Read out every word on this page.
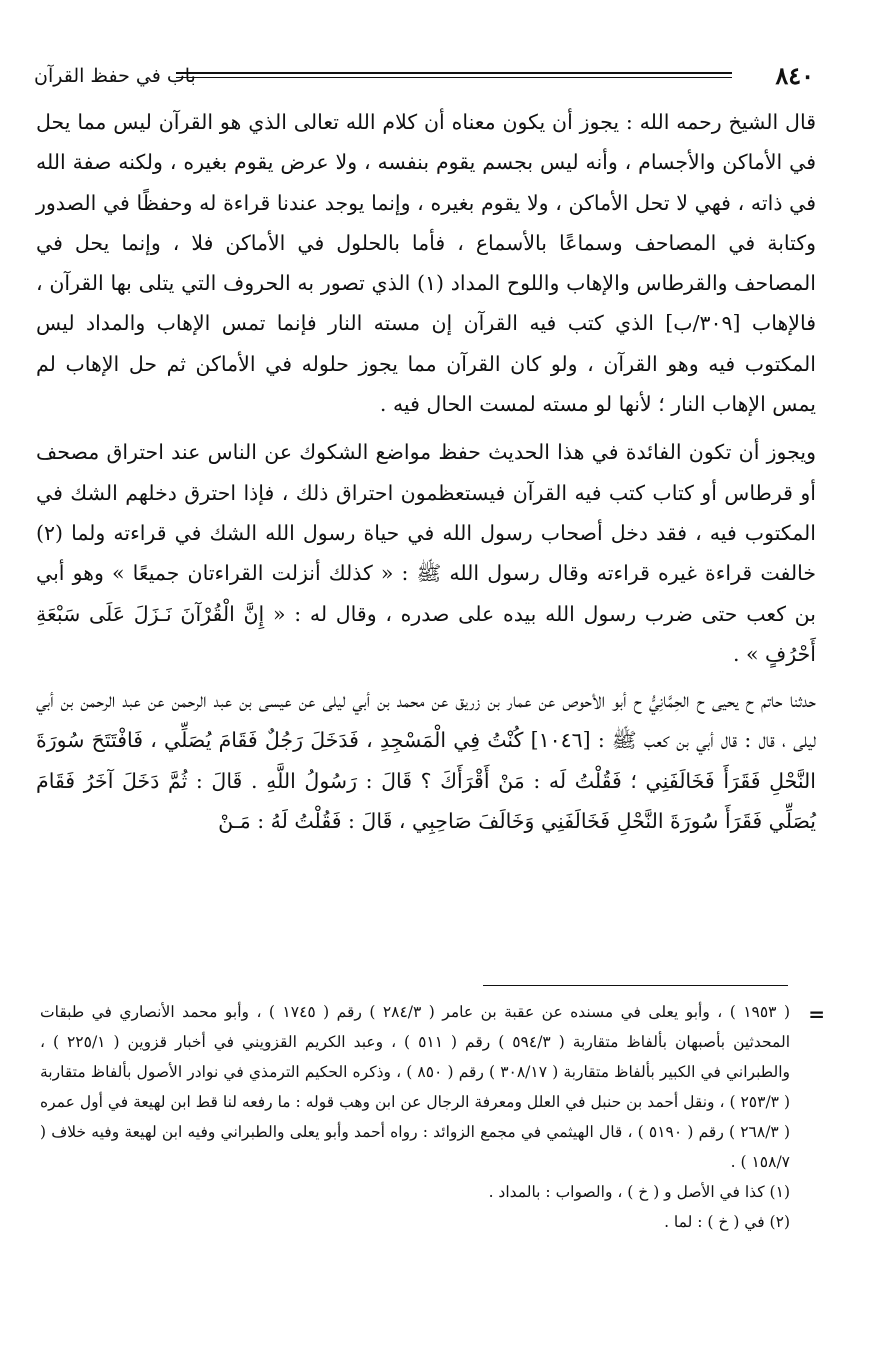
٨٤٠
باب في حفظ القرآن

قال الشيخ رحمه الله : يجوز أن يكون معناه أن كلام الله تعالى الذي هو القرآن ليس مما يحل في الأماكن والأجسام ، وأنه ليس بجسم يقوم بنفسه ، ولا عرض يقوم بغيره ، ولكنه صفة الله في ذاته ، فهي لا تحل الأماكن ، ولا يقوم بغيره ، وإنما يوجد عندنا قراءة له وحفظًا في الصدور وكتابة في المصاحف وسماعًا بالأسماع ، فأما بالحلول في الأماكن فلا ، وإنما يحل في المصاحف والقرطاس والإهاب واللوح المداد (١) الذي تصور به الحروف التي يتلى بها القرآن ، فالإهاب [٣٠٩/ب] الذي كتب فيه القرآن إن مسته النار فإنما تمس الإهاب والمداد ليس المكتوب فيه وهو القرآن ، ولو كان القرآن مما يجوز حلوله في الأماكن ثم حل الإهاب لم يمس الإهاب النار ؛ لأنها لو مسته لمست الحال فيه .

ويجوز أن تكون الفائدة في هذا الحديث حفظ مواضع الشكوك عن الناس عند احتراق مصحف أو قرطاس أو كتاب كتب فيه القرآن فيستعظمون احتراق ذلك ، فإذا احترق دخلهم الشك في المكتوب فيه ، فقد دخل أصحاب رسول الله في حياة رسول الله الشك في قراءته ولما (٢) خالفت قراءة غيره قراءته وقال رسول الله ﷺ : « كذلك أنزلت القراءتان جميعًا » وهو أبي بن كعب حتى ضرب رسول الله بيده على صدره ، وقال له : « إِنَّ الْقُرْآنَ نَـزَلَ عَلَى سَبْعَةِ أَحْرُفٍ » .

حدثنا حاتم ح يحيى ح الحِمَّانِيُّ ح أبو الأحوص عن عمار بن زريق عن محمد بن أبي ليلى عن عيسى بن عبد الرحمن عن عبد الرحمن بن أبي ليلى ، قال : قال أبي بن كعب ﷺ : [١٠٤٦] كُنْتُ فِي الْمَسْجِدِ ، فَدَخَلَ رَجُلٌ فَقَامَ يُصَلِّي ، فَافْتَتَحَ سُورَةَ النَّحْلِ فَقَرَأَ فَخَالَفَنِي ؛ فَقُلْتُ لَه : مَنْ أَقْرَأَكَ ؟ قَالَ : رَسُولُ اللَّهِ . قَالَ : ثُمَّ دَخَلَ آخَرُ فَقَامَ يُصَلِّي فَقَرَأَ سُورَةَ النَّحْلِ فَخَالَفَنِي وَخَالَفَ صَاحِبِي ، قَالَ : فَقُلْتُ لَهُ : مَـنْ

=

( ١٩٥٣ ) ، وأبو يعلى في مسنده عن عقبة بن عامر ( ٢٨٤/٣ ) رقم ( ١٧٤٥ ) ، وأبو محمد الأنصاري في طبقات المحدثين بأصبهان بألفاظ متقاربة ( ٥٩٤/٣ ) رقم ( ٥١١ ) ، وعبد الكريم القزويني في أخبار قزوين ( ٢٢٥/١ ) ، والطبراني في الكبير بألفاظ متقاربة ( ٣٠٨/١٧ ) رقم ( ٨٥٠ ) ، وذكره الحكيم الترمذي في نوادر الأصول بألفاظ متقاربة ( ٢٥٣/٣ ) ، ونقل أحمد بن حنبل في العلل ومعرفة الرجال عن ابن وهب قوله : ما رفعه لنا قط ابن لهيعة في أول عمره ( ٢٦٨/٣ ) رقم ( ٥١٩٠ ) ، قال الهيثمي في مجمع الزوائد : رواه أحمد وأبو يعلى والطبراني وفيه ابن لهيعة وفيه خلاف ( ١٥٨/٧ ) .

(١) كذا في الأصل و ( خ ) ، والصواب : بالمداد .

(٢) في ( خ ) : لما .
